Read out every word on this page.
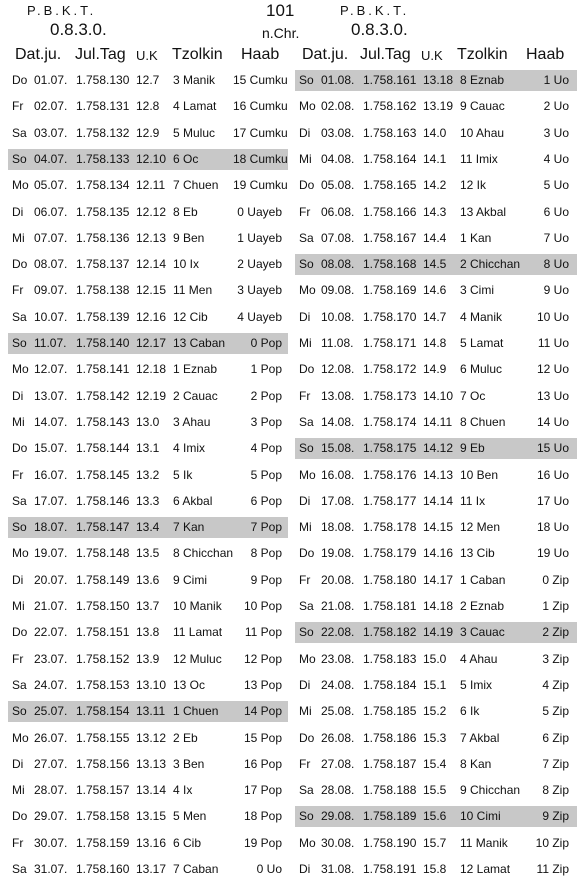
P.B.K.T.
0.8.3.0.
101
n.Chr.
P.B.K.T.
0.8.3.0.
Dat.ju. Jul.Tag U.K Tzolkin Haab Dat.ju. Jul.Tag U.K Tzolkin Haab
Do 01.07. 1.758.130 12.7 3 Manik 15 Cumku
Fr 02.07. 1.758.131 12.8 4 Lamat 16 Cumku
Sa 03.07. 1.758.132 12.9 5 Muluc 17 Cumku
So 04.07. 1.758.133 12.10 6 Oc	18 Cumku
Mo 05.07. 1.758.134 12.11 7 Chuen 19 Cumku
Di 06.07. 1.758.135 12.12 8 Eb	0 Uayeb
Mi 07.07. 1.758.136 12.13 9 Ben	1 Uayeb
Do 08.07. 1.758.137 12.14 10 Ix	2 Uayeb
Fr 09.07. 1.758.138 12.15 11 Men	3 Uayeb
Sa 10.07. 1.758.139 12.16 12 Cib	4 Uayeb
So 11.07. 1.758.140 12.17 13 Caban	0 Pop
Mo 12.07. 1.758.141 12.18 1 Eznab	1 Pop
Di 13.07. 1.758.142 12.19 2 Cauac	2 Pop
Mi 14.07. 1.758.143 13.0 3 Ahau	3 Pop
Do 15.07. 1.758.144 13.1 4 Imix	4 Pop
Fr 16.07. 1.758.145 13.2 5 Ik	5 Pop
Sa 17.07. 1.758.146 13.3 6 Akbal	6 Pop
So 18.07. 1.758.147 13.4 7 Kan	7 Pop
Mo 19.07. 1.758.148 13.5 8 Chicchan	8 Pop
Di 20.07. 1.758.149 13.6 9 Cimi	9 Pop
Mi 21.07. 1.758.150 13.7 10 Manik	10 Pop
Do 22.07. 1.758.151 13.8 11 Lamat	11 Pop
Fr 23.07. 1.758.152 13.9 12 Muluc	12 Pop
Sa 24.07. 1.758.153 13.10 13 Oc	13 Pop
So 25.07. 1.758.154 13.11 1 Chuen	14 Pop
Mo 26.07. 1.758.155 13.12 2 Eb	15 Pop
Di 27.07. 1.758.156 13.13 3 Ben	16 Pop
Mi 28.07. 1.758.157 13.14 4 Ix	17 Pop
Do 29.07. 1.758.158 13.15 5 Men	18 Pop
Fr 30.07. 1.758.159 13.16 6 Cib	19 Pop
Sa 31.07. 1.758.160 13.17 7 Caban	0 Uo
So 01.08. 1.758.161 13.18 8 Eznab	1 Uo
Mo 02.08. 1.758.162 13.19 9 Cauac	2 Uo
Di 03.08. 1.758.163 14.0 10 Ahau	3 Uo
Mi 04.08. 1.758.164 14.1 11 Imix	4 Uo
Do 05.08. 1.758.165 14.2 12 Ik	5 Uo
Fr 06.08. 1.758.166 14.3 13 Akbal	6 Uo
Sa 07.08. 1.758.167 14.4 1 Kan	7 Uo
So 08.08. 1.758.168 14.5 2 Chicchan	8 Uo
Mo 09.08. 1.758.169 14.6 3 Cimi	9 Uo
Di 10.08. 1.758.170 14.7 4 Manik	10 Uo
Mi 11.08. 1.758.171 14.8 5 Lamat	11 Uo
Do 12.08. 1.758.172 14.9 6 Muluc	12 Uo
Fr 13.08. 1.758.173 14.10 7 Oc	13 Uo
Sa 14.08. 1.758.174 14.11 8 Chuen	14 Uo
So 15.08. 1.758.175 14.12 9 Eb	15 Uo
Mo 16.08. 1.758.176 14.13 10 Ben	16 Uo
Di 17.08. 1.758.177 14.14 11 Ix	17 Uo
Mi 18.08. 1.758.178 14.15 12 Men	18 Uo
Do 19.08. 1.758.179 14.16 13 Cib	19 Uo
Fr 20.08. 1.758.180 14.17 1 Caban	0 Zip
Sa 21.08. 1.758.181 14.18 2 Eznab	1 Zip
So 22.08. 1.758.182 14.19 3 Cauac	2 Zip
Mo 23.08. 1.758.183 15.0 4 Ahau	3 Zip
Di 24.08. 1.758.184 15.1 5 Imix	4 Zip
Mi 25.08. 1.758.185 15.2 6 Ik	5 Zip
Do 26.08. 1.758.186 15.3 7 Akbal	6 Zip
Fr 27.08. 1.758.187 15.4 8 Kan	7 Zip
Sa 28.08. 1.758.188 15.5 9 Chicchan	8 Zip
So 29.08. 1.758.189 15.6 10 Cimi	9 Zip
Mo 30.08. 1.758.190 15.7 11 Manik	10 Zip
Di 31.08. 1.758.191 15.8 12 Lamat	11 Zip
